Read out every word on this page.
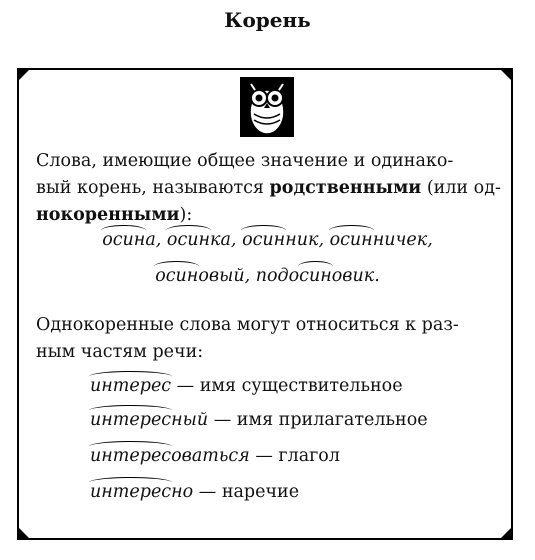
Корень
Слова, имеющие общее значение и одинако-
вый корень, называются родственными (или од-
нокоренными):
осина, осинка, осинник, осинничек,
осиновый, подосиновик.
Однокоренные слова могут относиться к раз-
ным частям речи:
интерес — имя существительное
интересный — имя прилагательное
интересоваться — глагол
интересно — наречие
